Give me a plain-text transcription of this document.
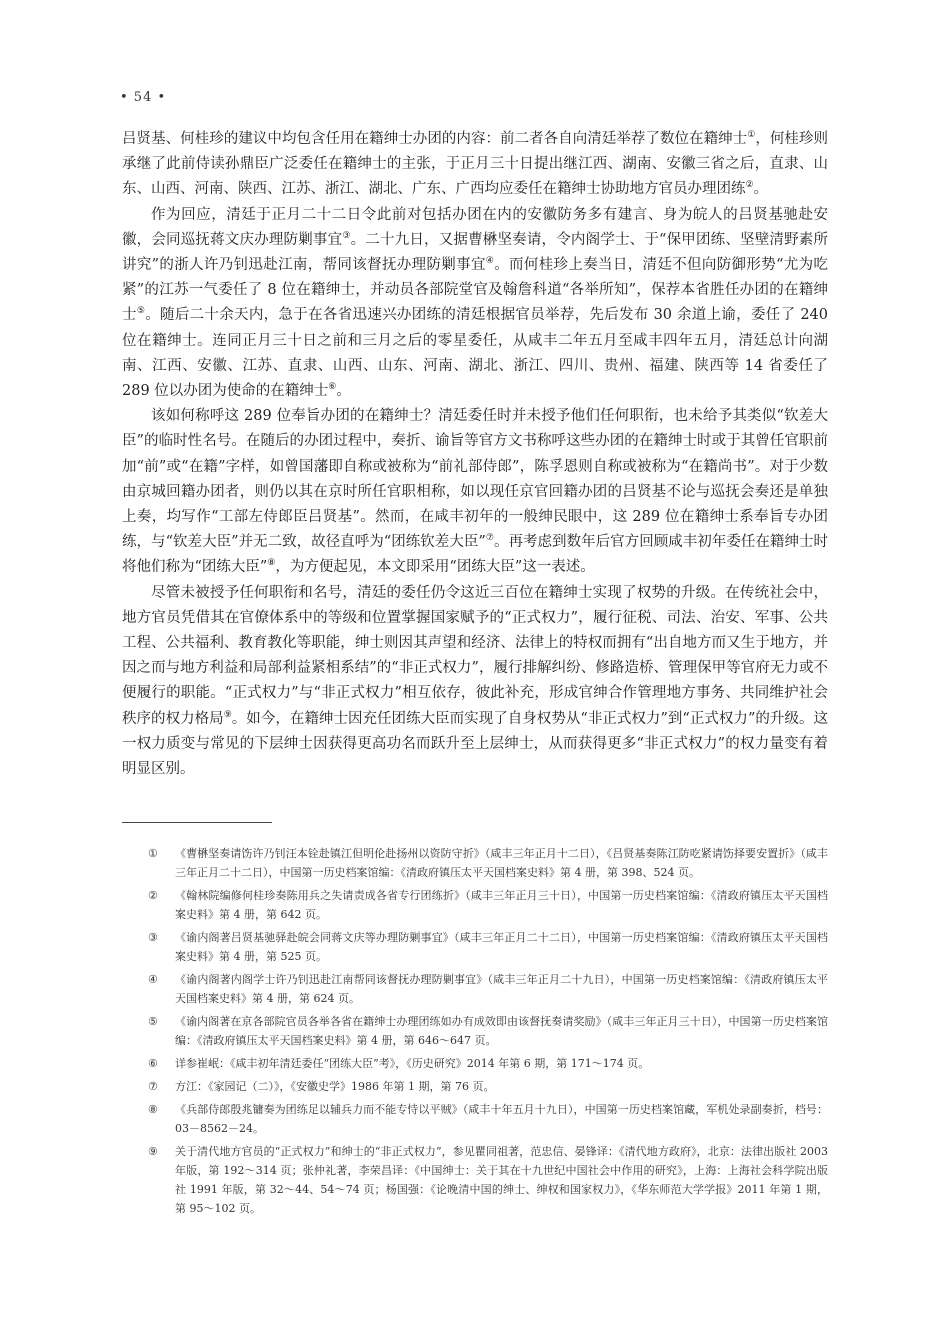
• 54 •

吕贤基、何桂珍的建议中均包含任用在籍绅士办团的内容：前二者各自向清廷举荐了数位在籍绅士①，何桂珍则承继了此前侍读孙鼎臣广泛委任在籍绅士的主张，于正月三十日提出继江西、湖南、安徽三省之后，直隶、山东、山西、河南、陕西、江苏、浙江、湖北、广东、广西均应委任在籍绅士协助地方官员办理团练②。

作为回应，清廷于正月二十二日令此前对包括办团在内的安徽防务多有建言、身为皖人的吕贤基驰赴安徽，会同巡抚蒋文庆办理防剿事宜③。二十九日，又据曹楙坚奏请，令内阁学士、于“保甲团练、坚壁清野素所讲究”的浙人许乃钊迅赴江南，帮同该督抚办理防剿事宜④。而何桂珍上奏当日，清廷不但向防御形势“尤为吃紧”的江苏一气委任了 8 位在籍绅士，并动员各部院堂官及翰詹科道“各举所知”，保荐本省胜任办团的在籍绅士⑤。随后二十余天内，急于在各省迅速兴办团练的清廷根据官员举荐，先后发布 30 余道上谕，委任了 240 位在籍绅士。连同正月三十日之前和三月之后的零星委任，从咸丰二年五月至咸丰四年五月，清廷总计向湖南、江西、安徽、江苏、直隶、山西、山东、河南、湖北、浙江、四川、贵州、福建、陕西等 14 省委任了 289 位以办团为使命的在籍绅士⑥。

该如何称呼这 289 位奉旨办团的在籍绅士？清廷委任时并未授予他们任何职衔，也未给予其类似“钦差大臣”的临时性名号。在随后的办团过程中，奏折、谕旨等官方文书称呼这些办团的在籍绅士时或于其曾任官职前加“前”或“在籍”字样，如曾国藩即自称或被称为“前礼部侍郎”，陈孚恩则自称或被称为“在籍尚书”。对于少数由京城回籍办团者，则仍以其在京时所任官职相称，如以现任京官回籍办团的吕贤基不论与巡抚会奏还是单独上奏，均写作“工部左侍郎臣吕贤基”。然而，在咸丰初年的一般绅民眼中，这 289 位在籍绅士系奉旨专办团练，与“钦差大臣”并无二致，故径直呼为“团练钦差大臣”⑦。再考虑到数年后官方回顾咸丰初年委任在籍绅士时将他们称为“团练大臣”⑧，为方便起见，本文即采用“团练大臣”这一表述。

尽管未被授予任何职衔和名号，清廷的委任仍令这近三百位在籍绅士实现了权势的升级。在传统社会中，地方官员凭借其在官僚体系中的等级和位置掌握国家赋予的“正式权力”，履行征税、司法、治安、军事、公共工程、公共福利、教育教化等职能，绅士则因其声望和经济、法律上的特权而拥有“出自地方而又生于地方，并因之而与地方利益和局部利益紧相系结”的“非正式权力”，履行排解纠纷、修路造桥、管理保甲等官府无力或不便履行的职能。“正式权力”与“非正式权力”相互依存，彼此补充，形成官绅合作管理地方事务、共同维护社会秩序的权力格局⑨。如今，在籍绅士因充任团练大臣而实现了自身权势从“非正式权力”到“正式权力”的升级。这一权力质变与常见的下层绅士因获得更高功名而跃升至上层绅士，从而获得更多“非正式权力”的权力量变有着明显区别。

①	《曹楙坚奏请饬许乃钊汪本铨赴镇江但明伦赴扬州以资防守折》（咸丰三年正月十二日），《吕贤基奏陈江防吃紧请饬择要安置折》（咸丰三年正月二十二日），中国第一历史档案馆编：《清政府镇压太平天国档案史料》第 4 册，第 398、524 页。
②	《翰林院编修何桂珍奏陈用兵之失请责成各省专行团练折》（咸丰三年正月三十日），中国第一历史档案馆编：《清政府镇压太平天国档案史料》第 4 册，第 642 页。
③	《谕内阁著吕贤基驰驿赴皖会同蒋文庆等办理防剿事宜》（咸丰三年正月二十二日），中国第一历史档案馆编：《清政府镇压太平天国档案史料》第 4 册，第 525 页。
④	《谕内阁著内阁学士许乃钊迅赴江南帮同该督抚办理防剿事宜》（咸丰三年正月二十九日），中国第一历史档案馆编：《清政府镇压太平天国档案史料》第 4 册，第 624 页。
⑤	《谕内阁著在京各部院官员各举各省在籍绅士办理团练如办有成效即由该督抚奏请奖励》（咸丰三年正月三十日），中国第一历史档案馆编：《清政府镇压太平天国档案史料》第 4 册，第 646～647 页。
⑥	详参崔岷：《咸丰初年清廷委任“团练大臣”考》，《历史研究》2014 年第 6 期，第 171～174 页。
⑦	方江：《家园记（二）》，《安徽史学》1986 年第 1 期，第 76 页。
⑧	《兵部侍郎殷兆镛奏为团练足以辅兵力而不能专恃以平贼》（咸丰十年五月十九日），中国第一历史档案馆藏，军机处录副奏折，档号：03－8562－24。
⑨	关于清代地方官员的“正式权力”和绅士的“非正式权力”，参见瞿同祖著，范忠信、晏锋译：《清代地方政府》，北京：法律出版社 2003 年版，第 192～314 页；张仲礼著，李荣昌译：《中国绅士：关于其在十九世纪中国社会中作用的研究》，上海：上海社会科学院出版社 1991 年版，第 32～44、54～74 页；杨国强：《论晚清中国的绅士、绅权和国家权力》，《华东师范大学学报》2011 年第 1 期，第 95～102 页。
